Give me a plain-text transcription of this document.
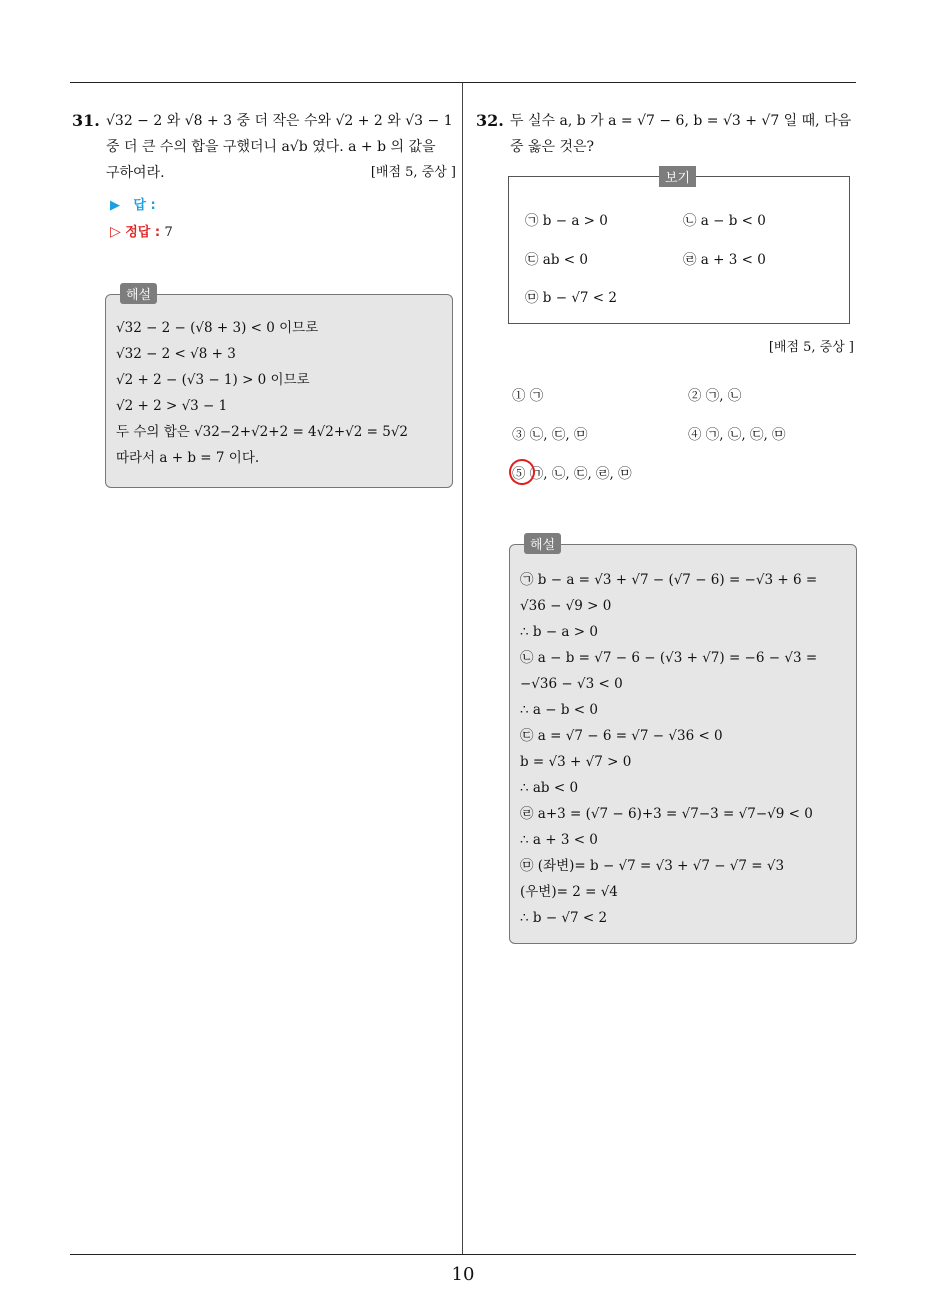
10
31. √32 − 2 와 √8 + 3 중 더 작은 수와 √2 + 2 와 √3 − 1
중 더 큰 수의 합을 구했더니 a√b 였다. a + b 의 값을
구하여라.	[배점 5, 중상 ]
▶ 답 :
▷ 정답 : 7
해설
√32 − 2 − (√8 + 3) < 0 이므로
√32 − 2 < √8 + 3
√2 + 2 − (√3 − 1) > 0 이므로
√2 + 2 > √3 − 1
두 수의 합은 √32−2+√2+2 = 4√2+√2 = 5√2
따라서 a + b = 7 이다.
32. 두 실수 a, b 가 a = √7 − 6, b = √3 + √7 일 때, 다음
중 옳은 것은?
보기
㉠ b − a > 0	㉡ a − b < 0
㉢ ab < 0	㉣ a + 3 < 0
㉤ b − √7 < 2
[배점 5, 중상 ]
① ㉠	② ㉠, ㉡
③ ㉡, ㉢, ㉤	④ ㉠, ㉡, ㉢, ㉤
⑤ ㉠, ㉡, ㉢, ㉣, ㉤
해설
㉠ b − a = √3 + √7 − (√7 − 6) = −√3 + 6 =
√36 − √9 > 0
∴ b − a > 0
㉡ a − b = √7 − 6 − (√3 + √7) = −6 − √3 =
−√36 − √3 < 0
∴ a − b < 0
㉢ a = √7 − 6 = √7 − √36 < 0
b = √3 + √7 > 0
∴ ab < 0
㉣ a+3 = (√7 − 6)+3 = √7−3 = √7−√9 < 0
∴ a + 3 < 0
㉤ (좌변)= b − √7 = √3 + √7 − √7 = √3
(우변)= 2 = √4
∴ b − √7 < 2
